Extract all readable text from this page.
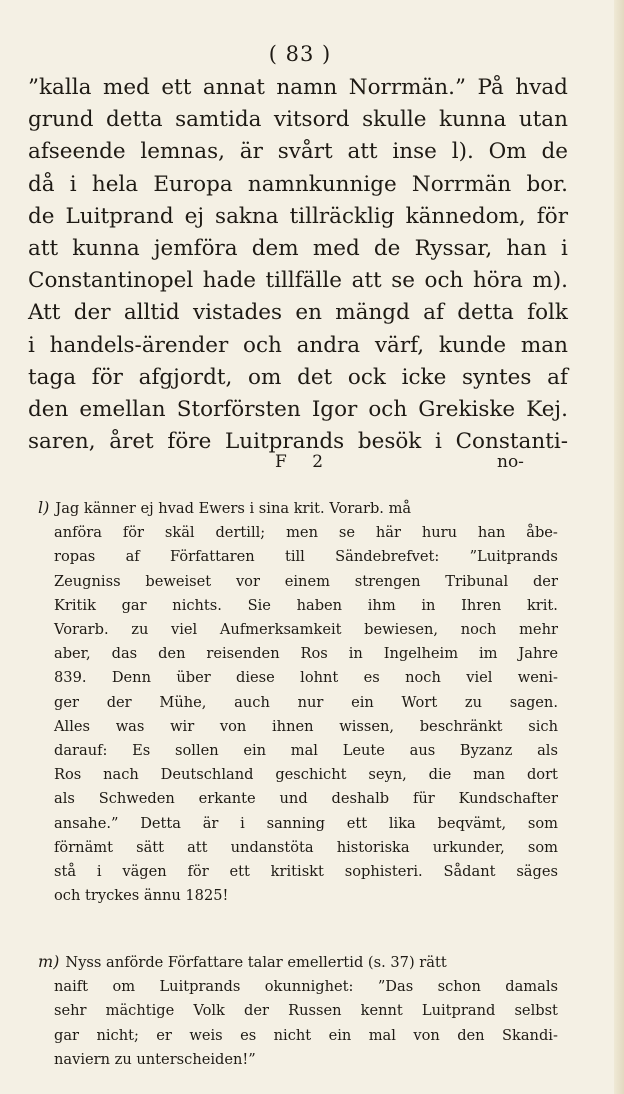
( 83 )
”kalla med ett annat namn Norrmän.” På hvad
grund detta samtida vitsord skulle kunna utan
afseende lemnas, är svårt att inse l). Om de
då i hela Europa namnkunnige Norrmän bor.
de Luitprand ej sakna tillräcklig kännedom, för
att kunna jemföra dem med de Ryssar, han i
Constantinopel hade tillfälle att se och höra m).
Att der alltid vistades en mängd af detta folk
i handels-ärender och andra värf, kunde man
taga för afgjordt, om det ock icke syntes af
den emellan Storförsten Igor och Grekiske Kej.
saren, året före Luitprands besök i Constanti-
F 2	no-
l) Jag känner ej hvad Ewers i sina krit. Vorarb. må
anföra för skäl dertill; men se här huru han åbe-
ropas af Författaren till Sändebrefvet: ”Luitprands
Zeugniss beweiset vor einem strengen Tribunal der
Kritik gar nichts. Sie haben ihm in Ihren krit.
Vorarb. zu viel Aufmerksamkeit bewiesen, noch mehr
aber, das den reisenden Ros in Ingelheim im Jahre
839. Denn über diese lohnt es noch viel weni-
ger der Mühe, auch nur ein Wort zu sagen.
Alles was wir von ihnen wissen, beschränkt sich
darauf: Es sollen ein mal Leute aus Byzanz als
Ros nach Deutschland geschicht seyn, die man dort
als Schweden erkante und deshalb für Kundschafter
ansahe.” Detta är i sanning ett lika beqvämt, som
förnämt sätt att undanstöta historiska urkunder, som
stå i vägen för ett kritiskt sophisteri. Sådant säges
och tryckes ännu 1825!
m) Nyss anförde Författare talar emellertid (s. 37) rätt
naift om Luitprands okunnighet: ”Das schon damals
sehr mächtige Volk der Russen kennt Luitprand selbst
gar nicht; er weis es nicht ein mal von den Skandi-
naviern zu unterscheiden!”
